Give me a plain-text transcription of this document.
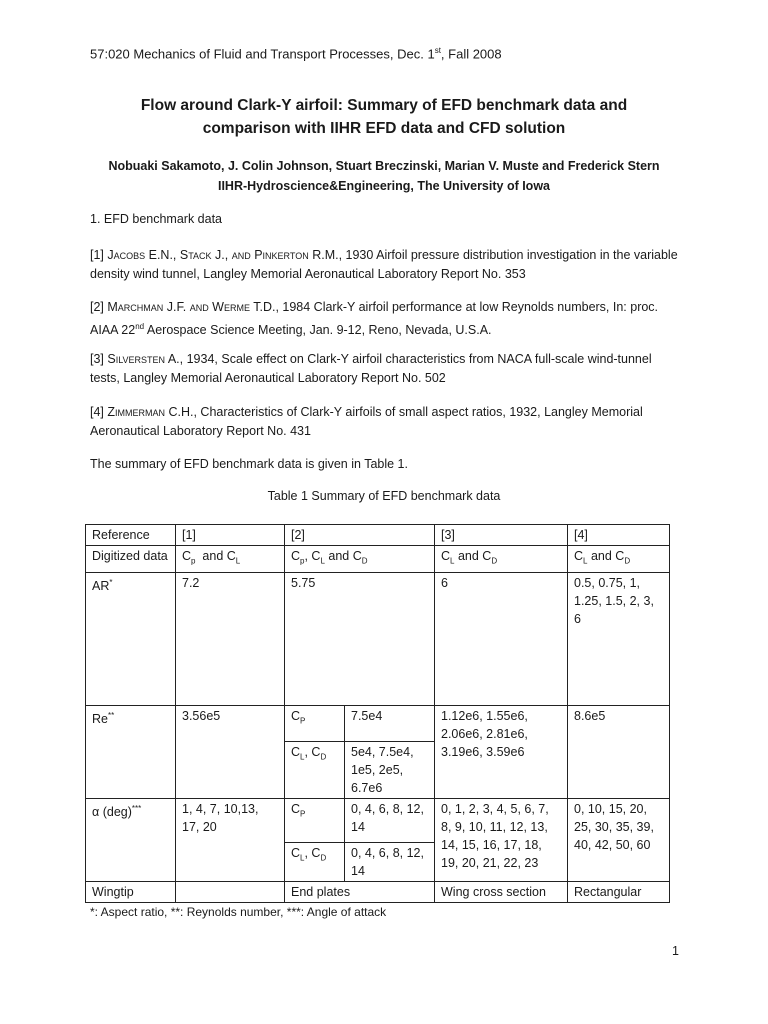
57:020 Mechanics of Fluid and Transport Processes, Dec. 1st, Fall 2008
Flow around Clark-Y airfoil: Summary of EFD benchmark data and
comparison with IIHR EFD data and CFD solution
Nobuaki Sakamoto, J. Colin Johnson, Stuart Breczinski, Marian V. Muste and Frederick Stern
IIHR-Hydroscience&Engineering, The University of Iowa
1. EFD benchmark data
[1] Jacobs E.N., Stack J., and Pinkerton R.M., 1930 Airfoil pressure distribution investigation in the variable density wind tunnel, Langley Memorial Aeronautical Laboratory Report No. 353
[2] Marchman J.F. and Werme T.D., 1984 Clark-Y airfoil performance at low Reynolds numbers, In: proc. AIAA 22nd Aerospace Science Meeting, Jan. 9-12, Reno, Nevada, U.S.A.
[3] Silversten A., 1934, Scale effect on Clark-Y airfoil characteristics from NACA full-scale wind-tunnel tests, Langley Memorial Aeronautical Laboratory Report No. 502
[4] Zimmerman C.H., Characteristics of Clark-Y airfoils of small aspect ratios, 1932, Langley Memorial Aeronautical Laboratory Report No. 431
The summary of EFD benchmark data is given in Table 1.
Table 1 Summary of EFD benchmark data
Reference	[1]	[2]		[3]	[4]
Digitized data	$C_p$  and $C_L$	$C_p$, $C_L$ and $C_D$		$C_L$ and $C_D$	$C_L$ and $C_D$
AR*	7.2	5.75		6	0.5, 0.75, 1, 1.25, 1.5, 2, 3, 6
Re**	3.56e5	$C_P$	7.5e4	1.12e6, 1.55e6, 2.06e6, 2.81e6, 3.19e6, 3.59e6	8.6e5
		$C_L$, $C_D$	5e4, 7.5e4, 1e5, 2e5, 6.7e6		
α (deg)***	1, 4, 7, 10,13, 17, 20	$C_P$	0, 4, 6, 8, 12, 14	0, 1, 2, 3, 4, 5, 6, 7, 8, 9, 10, 11, 12, 13, 14, 15, 16, 17, 18, 19, 20, 21, 22, 23	0, 10, 15, 20, 25, 30, 35, 39, 40, 42, 50, 60
		$C_L$, $C_D$	0, 4, 6, 8, 12, 14		
Wingtip		End plates		Wing cross section	Rectangular
*: Aspect ratio, **: Reynolds number, ***: Angle of attack
1
